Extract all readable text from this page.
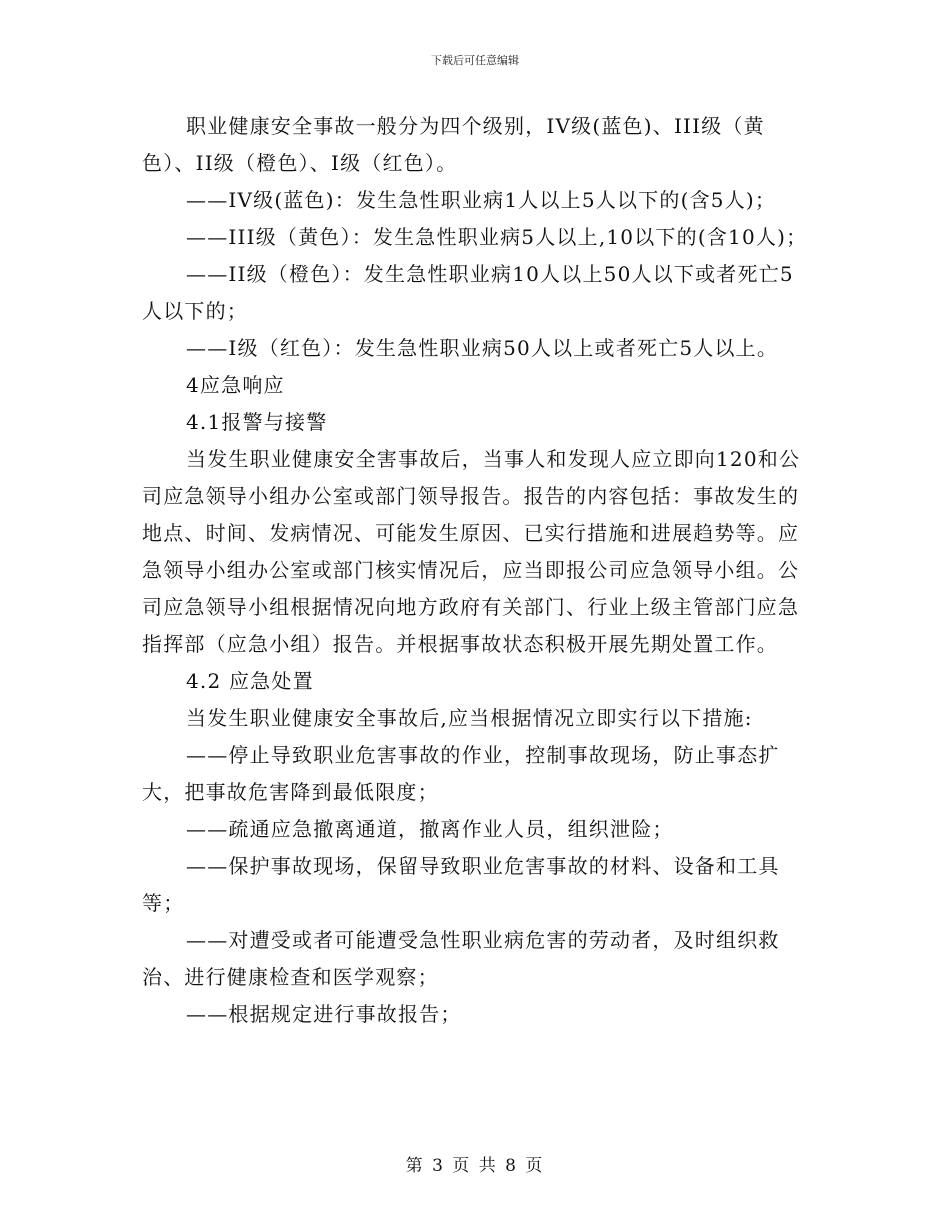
下载后可任意编辑

职业健康安全事故一般分为四个级别，IV级(蓝色)、III级（黄色）、II级（橙色）、I级（红色）。

——IV级(蓝色)：发生急性职业病1人以上5人以下的(含5人)；

——III级（黄色）：发生急性职业病5人以上,10以下的(含10人)；

——II级（橙色）：发生急性职业病10人以上50人以下或者死亡5人以下的；

——I级（红色）：发生急性职业病50人以上或者死亡5人以上。

4应急响应

4.1报警与接警

当发生职业健康安全害事故后，当事人和发现人应立即向120和公司应急领导小组办公室或部门领导报告。报告的内容包括：事故发生的地点、时间、发病情况、可能发生原因、已实行措施和进展趋势等。应急领导小组办公室或部门核实情况后，应当即报公司应急领导小组。公司应急领导小组根据情况向地方政府有关部门、行业上级主管部门应急指挥部（应急小组）报告。并根据事故状态积极开展先期处置工作。

4.2 应急处置

当发生职业健康安全事故后,应当根据情况立即实行以下措施:

——停止导致职业危害事故的作业，控制事故现场，防止事态扩大，把事故危害降到最低限度；

——疏通应急撤离通道，撤离作业人员，组织泄险；

——保护事故现场，保留导致职业危害事故的材料、设备和工具等；

——对遭受或者可能遭受急性职业病危害的劳动者，及时组织救治、进行健康检查和医学观察；

——根据规定进行事故报告；

第 3 页 共 8 页
